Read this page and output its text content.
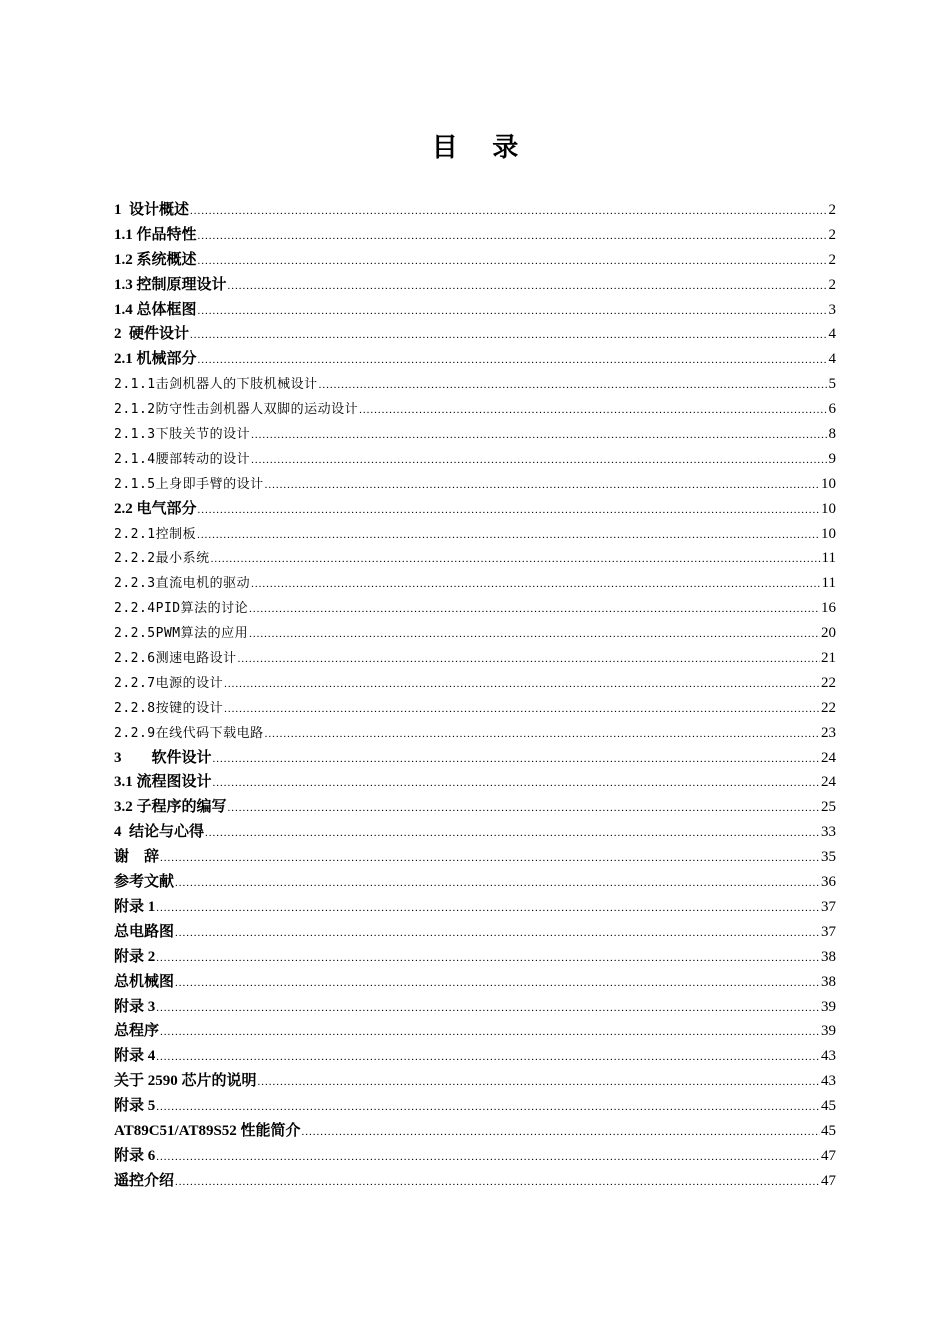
目 录
1  设计概述 .....	2
1.1 作品特性 .....	2
1.2 系统概述 .....	2
1.3 控制原理设计 .....	2
1.4 总体框图 .....	3
2  硬件设计 .....	4
2.1 机械部分 .....	4
2.1.1击剑机器人的下肢机械设计 .....	5
2.1.2防守性击剑机器人双脚的运动设计 .....	6
2.1.3下肢关节的设计 .....	8
2.1.4腰部转动的设计 .....	9
2.1.5上身即手臂的设计 .....	10
2.2 电气部分 .....	10
2.2.1控制板 .....	10
2.2.2最小系统 .....	11
2.2.3直流电机的驱动 .....	11
2.2.4PID算法的讨论 .....	16
2.2.5PWM算法的应用 .....	20
2.2.6测速电路设计 .....	21
2.2.7电源的设计 .....	22
2.2.8按键的设计 .....	22
2.2.9在线代码下载电路 .....	23
3        软件设计 .....	24
3.1 流程图设计 .....	24
3.2 子程序的编写 .....	25
4  结论与心得 .....	33
谢    辞 .....	35
参考文献 .....	36
附录 1 .....	37
总电路图 .....	37
附录 2 .....	38
总机械图 .....	38
附录 3 .....	39
总程序 .....	39
附录 4 .....	43
关于 2590 芯片的说明 .....	43
附录 5 .....	45
AT89C51/AT89S52 性能简介 .....	45
附录 6 .....	47
遥控介绍 .....	47
